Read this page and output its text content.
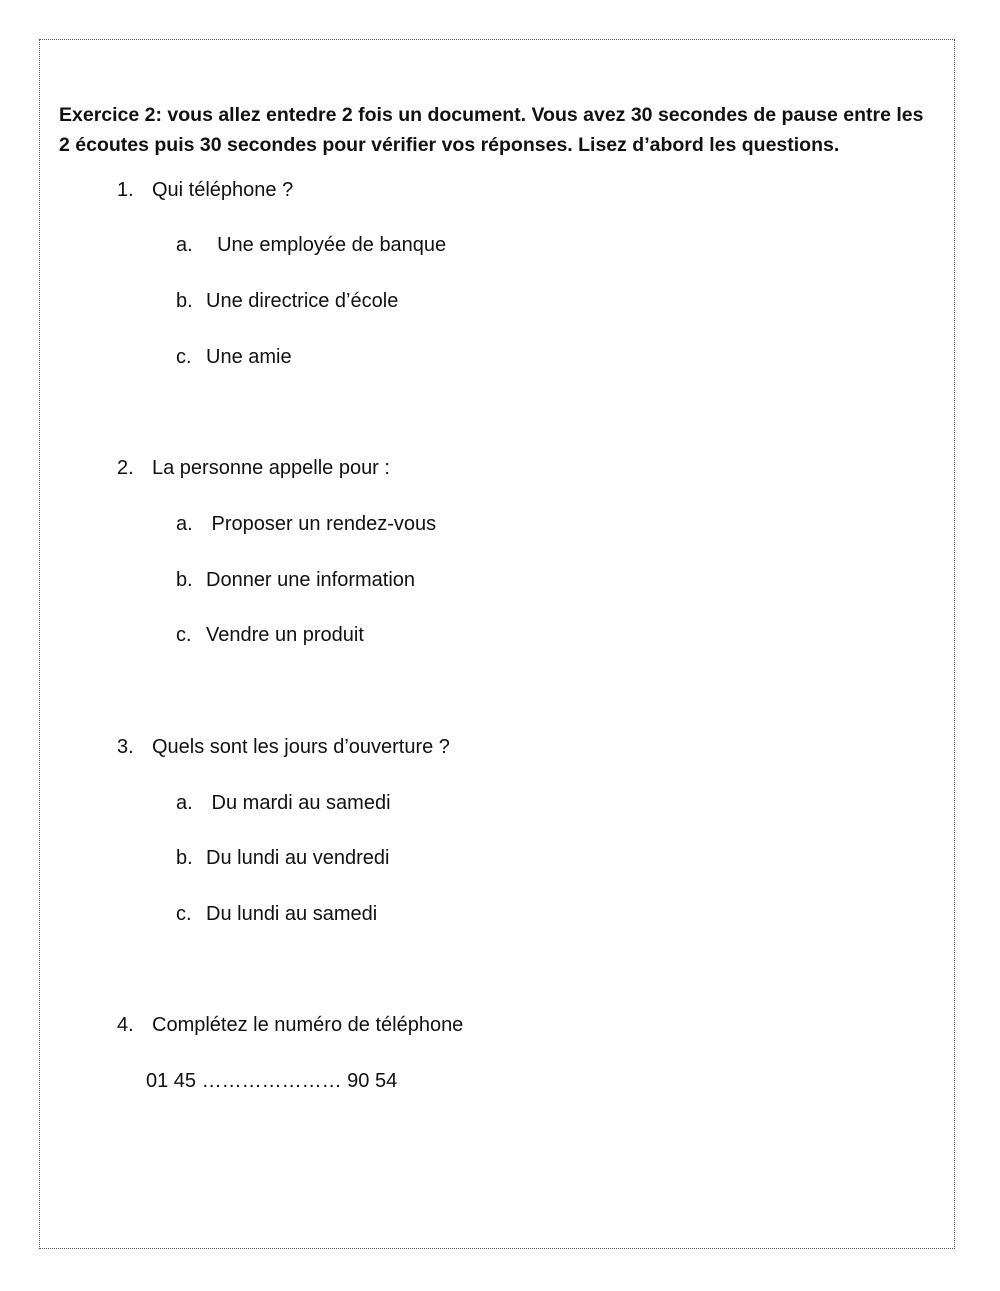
Exercice 2: vous allez entedre 2 fois un document. Vous avez 30 secondes de pause entre les 2 écoutes puis 30 secondes pour vérifier vos réponses. Lisez d’abord les questions.

1. Qui téléphone ?
a.  Une employée de banque
b. Une directrice d’école
c. Une amie
2. La personne appelle pour :
a. Proposer un rendez-vous
b. Donner une information
c. Vendre un produit
3. Quels sont les jours d’ouverture ?
a. Du mardi au samedi
b. Du lundi au vendredi
c. Du lundi au samedi
4. Complétez le numéro de téléphone
01 45 ………………… 90 54
